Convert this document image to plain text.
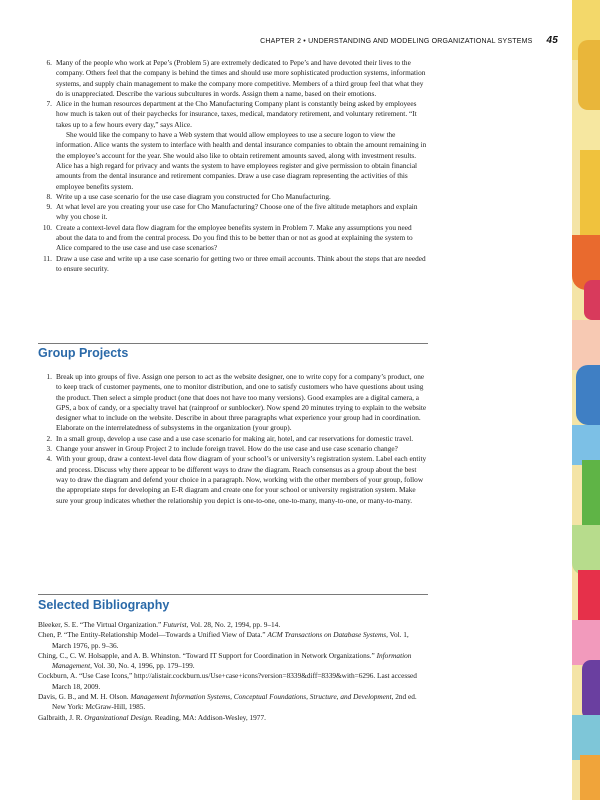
CHAPTER 2 • UNDERSTANDING AND MODELING ORGANIZATIONAL SYSTEMS 45
6. Many of the people who work at Pepe’s (Problem 5) are extremely dedicated to Pepe’s and have devoted their lives to the company. Others feel that the company is behind the times and should use more sophisticated production systems, information systems, and supply chain management to make the company more competitive. Members of a third group feel that what they do is unappreciated. Describe the various subcultures in words. Assign them a name, based on their emotions.
7. Alice in the human resources department at the Cho Manufacturing Company plant is constantly being asked by employees how much is taken out of their paychecks for insurance, taxes, medical, mandatory retirement, and voluntary retirement. “It takes up to a few hours every day,” says Alice.

She would like the company to have a Web system that would allow employees to use a secure logon to view the information. Alice wants the system to interface with health and dental insurance companies to obtain the amount remaining in the employee’s account for the year. She would also like to obtain retirement amounts saved, along with investment results. Alice has a high regard for privacy and wants the system to have employees register and give permission to obtain financial amounts from the dental insurance and retirement companies. Draw a use case diagram representing the activities of this employee benefits system.

8. Write up a use case scenario for the use case diagram you constructed for Cho Manufacturing.
9. At what level are you creating your use case for Cho Manufacturing? Choose one of the five altitude metaphors and explain why you chose it.
10. Create a context-level data flow diagram for the employee benefits system in Problem 7. Make any assumptions you need about the data to and from the central process. Do you find this to be better than or not as good at explaining the system to Alice compared to the use case and use case scenarios?
11. Draw a use case and write up a use case scenario for getting two or three email accounts. Think about the steps that are needed to ensure security.
Group Projects
1. Break up into groups of five. Assign one person to act as the website designer, one to write copy for a company’s product, one to keep track of customer payments, one to monitor distribution, and one to satisfy customers who have questions about using the product. Then select a simple product (one that does not have too many versions). Good examples are a digital camera, a GPS, a box of candy, or a specialty travel hat (rainproof or sunblocker). Now spend 20 minutes trying to explain to the website designer what to include on the website. Describe in about three paragraphs what experience your group had in coordination. Elaborate on the interrelatedness of subsystems in the organization (your group).
2. In a small group, develop a use case and a use case scenario for making air, hotel, and car reservations for domestic travel.
3. Change your answer in Group Project 2 to include foreign travel. How do the use case and use case scenario change?
4. With your group, draw a context-level data flow diagram of your school’s or university’s registration system. Label each entity and process. Discuss why there appear to be different ways to draw the diagram. Reach consensus as a group about the best way to draw the diagram and defend your choice in a paragraph. Now, working with the other members of your group, follow the appropriate steps for developing an E-R diagram and create one for your school or university registration system. Make sure your group indicates whether the relationship you depict is one-to-one, one-to-many, many-to-one, or many-to-many.
Selected Bibliography

Bleeker, S. E. “The Virtual Organization.” Futurist, Vol. 28, No. 2, 1994, pp. 9–14.

Chen, P. “The Entity-Relationship Model—Towards a Unified View of Data.” ACM Transactions on Database Systems, Vol. 1, March 1976, pp. 9–36.

Ching, C., C. W. Holsapple, and A. B. Whinston. “Toward IT Support for Coordination in Network Organizations.” Information Management, Vol. 30, No. 4, 1996, pp. 179–199.

Cockburn, A. “Use Case Icons,” http://alistair.cockburn.us/Use+case+icons?version=8339&diff=8339&with=6296. Last accessed March 18, 2009.

Davis, G. B., and M. H. Olson. Management Information Systems, Conceptual Foundations, Structure, and Development, 2nd ed. New York: McGraw-Hill, 1985.

Galbraith, J. R. Organizational Design. Reading, MA: Addison-Wesley, 1977.
